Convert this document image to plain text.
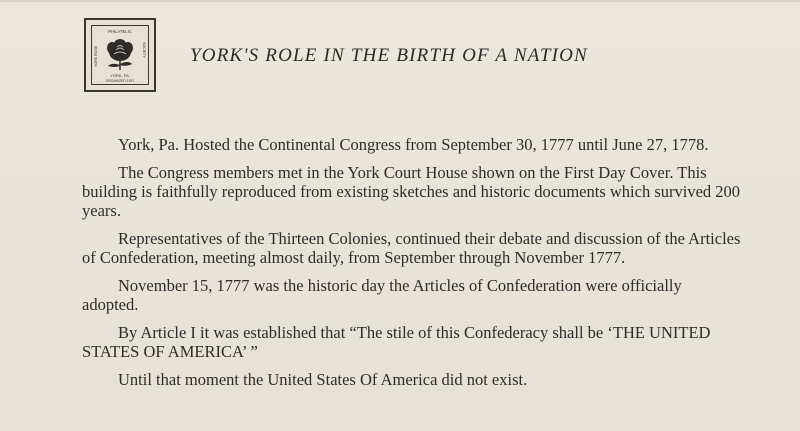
PHILATELIC
YORK ROSE	SOCIETY
YORK, PA.
ORGANIZED 1937
YORK'S ROLE IN THE BIRTH OF A NATION

York, Pa. Hosted the Continental Congress from September 30, 1777 until June 27, 1778.

The Congress members met in the York Court House shown on the First Day Cover. This building is faithfully reproduced from existing sketches and historic documents which survived 200 years.

Representatives of the Thirteen Colonies, continued their debate and discussion of the Articles of Confederation, meeting almost daily, from September through November 1777.

November 15, 1777 was the historic day the Articles of Confederation were officially adopted.

By Article I it was established that “The stile of this Confederacy shall be ‘THE UNITED STATES OF AMERICA’ ”

Until that moment the United States Of America did not exist.
